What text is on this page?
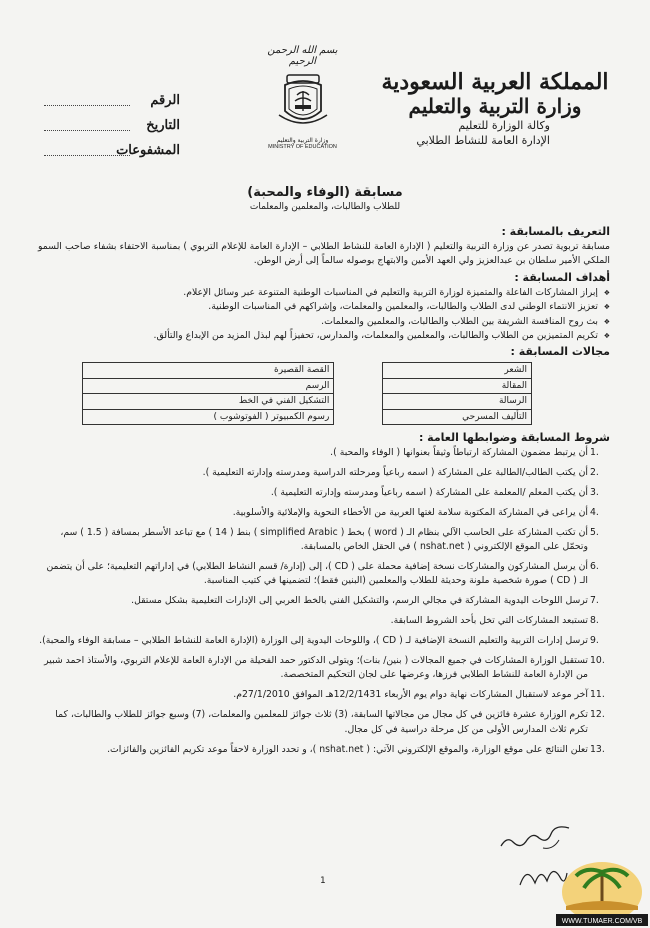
المملكة العربية السعودية
وزارة التربية والتعليم
وكالة الوزارة للتعليم
الإدارة العامة للنشاط الطلابي
بسم الله الرحمن الرحيم
وزارة التربية والتعليم
MINISTRY OF EDUCATION
الرقم
التاريخ
المشفوعات
مسابقة (الوفاء والمحبة)
للطلاب والطالبات، والمعلمين والمعلمات
التعريف بالمسابقة :
مسابقة تربوية تصدر عن وزارة التربية والتعليم ( الإدارة العامة للنشاط الطلابي – الإدارة العامة للإعلام التربوي ) بمناسبة الاحتفاء بشفاء صاحب السمو الملكي الأمير سلطان بن عبدالعزيز ولي العهد الأمين والابتهاج بوصوله سالماً إلى أرض الوطن.
أهداف المسابقة :
❖ إبراز المشاركات الفاعلة والمتميزة لوزارة التربية والتعليم في المناسبات الوطنية المتنوعة عبر وسائل الإعلام.
❖ تعزيز الانتماء الوطني لدى الطلاب والطالبات، والمعلمين والمعلمات، وإشراكهم في المناسبات الوطنية.
❖ بث روح المنافسة الشريفة بين الطلاب والطالبات، والمعلمين والمعلمات.
❖ تكريم المتميزين من الطلاب والطالبات، والمعلمين والمعلمات، والمدارس، تحفيزاً لهم لبذل المزيد من الإبداع والتألق.
مجالات المسابقة :
الشعر		القصة القصيرة
المقالة		الرسم
الرسالة		التشكيل الفني في الخط
التأليف المسرحي		رسوم الكمبيوتر ( الفوتوشوب )
شروط المسابقة وضوابطها العامة :
.1
أن يرتبط مضمون المشاركة ارتباطاً وثيقاً بعنوانها ( الوفاء والمحبة ).
.2
أن يكتب الطالب/الطالبة على المشاركة ( اسمه رباعياً ومرحلته الدراسية ومدرسته وإدارته التعليمية ).
.3
أن يكتب المعلم /المعلمة على المشاركة ( اسمه رباعياً ومدرسته وإدارته التعليمية ).
.4
أن يراعى في المشاركة المكتوبة سلامة لغتها العربية من الأخطاء النحوية والإملائية والأسلوبية.
.5
أن تكتب المشاركة على الحاسب الآلي بنظام الـ ( word ) بخط ( simplified Arabic ) بنط ( 14 ) مع تباعد الأسطر بمسافة ( 1.5 ) سم، وتحمّل على الموقع الإلكتروني ( nshat.net ) في الحقل الخاص بالمسابقة.
.6
أن يرسل المشاركون والمشاركات نسخة إضافية محملة على ( CD )، إلى (إدارة/ قسم النشاط الطلابي) في إداراتهم التعليمية؛ على أن يتضمن الـ ( CD ) صورة شخصية ملونة وحديثة للطلاب والمعلمين (البنين فقط)؛ لتضمينها في كتيب المناسبة.
.7
ترسل اللوحات اليدوية المشاركة في مجالي الرسم، والتشكيل الفني بالخط العربي إلى الإدارات التعليمية بشكل مستقل.
.8
تستبعد المشاركات التي تخل بأحد الشروط السابقة.
.9
ترسل إدارات التربية والتعليم النسخة الإضافية لـ ( CD )، واللوحات اليدوية إلى الوزارة (الإدارة العامة للنشاط الطلابي – مسابقة الوفاء والمحبة).
.10
تستقبل الوزارة المشاركات في جميع المجالات ( بنين/ بنات)؛ ويتولى الدكتور حمد الفحيلة من الإدارة العامة للإعلام التربوي، والأستاذ احمد شبير من الإدارة العامة للنشاط الطلابي فرزها، وعرضها على لجان التحكيم المتخصصة.
.11
آخر موعد لاستقبال المشاركات نهاية دوام يوم الأربعاء 12/2/1431هـ الموافق 27/1/2010م.
.12
تكرم الوزارة عشرة فائزين في كل مجال من مجالاتها السابقة، (3) ثلاث جوائز للمعلمين والمعلمات، (7) وسبع جوائز للطلاب والطالبات، كما تكرم ثلاث المدارس الأولى من كل مرحلة دراسية في كل مجال.
.13
تعلن النتائج على موقع الوزارة، والموقع الإلكتروني الآتي: ( nshat.net )، و تحدد الوزارة لاحقاً موعد تكريم الفائزين والفائزات.
1
WWW.TUMAER.COM/VB
